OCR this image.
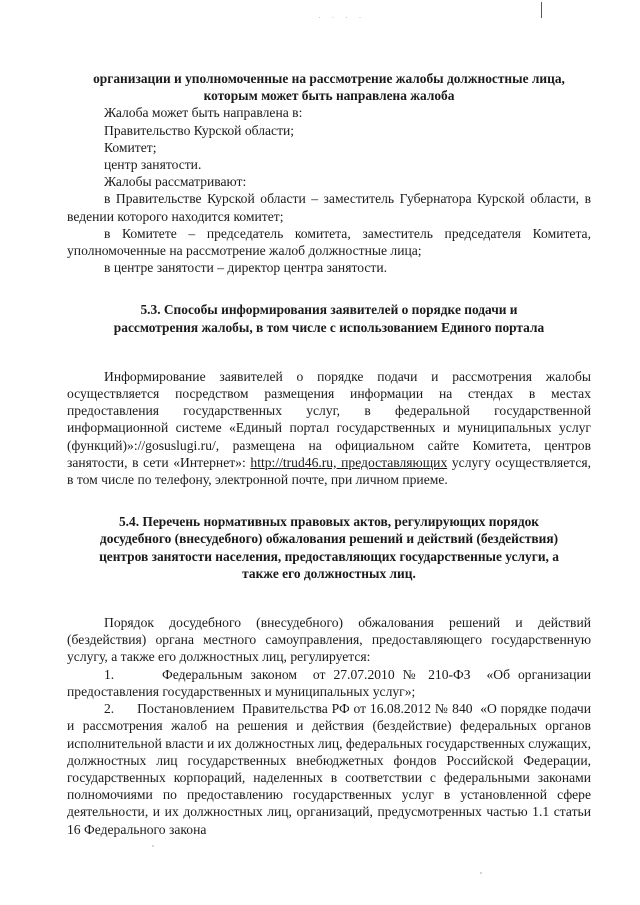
· · · ·

организации и уполномоченные на рассмотрение жалобы должностные лица,
которым может быть направлена жалоба

Жалоба может быть направлена в:

Правительство Курской области;

Комитет;

центр занятости.

Жалобы рассматривают:

в Правительстве Курской области – заместитель Губернатора Курской области, в ведении которого находится комитет;

в Комитете – председатель комитета, заместитель председателя Комитета, уполномоченные на рассмотрение жалоб должностные лица;

в центре занятости – директор центра занятости.

5.3. Способы информирования заявителей о порядке подачи и
рассмотрения жалобы, в том числе с использованием Единого портала

Информирование заявителей о порядке подачи и рассмотрения жалобы осуществляется посредством размещения информации на стендах в местах предоставления государственных услуг, в федеральной государственной информационной системе «Единый портал государственных и муниципальных услуг (функций)»://gosuslugi.ru/, размещена на официальном сайте Комитета, центров занятости, в сети «Интернет»: http://trud46.ru, предоставляющих услугу осуществляется, в том числе по телефону, электронной почте, при личном приеме.

5.4. Перечень нормативных правовых актов, регулирующих порядок
досудебного (внесудебного) обжалования решений и действий (бездействия)
центров занятости населения, предоставляющих государственные услуги, а
также его должностных лиц.

Порядок досудебного (внесудебного) обжалования решений и действий (бездействия) органа местного самоуправления, предоставляющего государственную услугу, а также его должностных лиц, регулируется:

1.      Федеральным законом  от 27.07.2010 № 210-ФЗ  «Об организации предоставления государственных и муниципальных услуг»;

2.      Постановлением  Правительства РФ от 16.08.2012 № 840  «О порядке подачи и рассмотрения жалоб на решения и действия (бездействие) федеральных органов исполнительной власти и их должностных лиц, федеральных государственных служащих, должностных лиц государственных внебюджетных фондов Российской Федерации, государственных корпораций, наделенных в соответствии с федеральными законами полномочиями по предоставлению государственных услуг в установленной сфере деятельности, и их должностных лиц, организаций, предусмотренных частью 1.1 статьи 16 Федерального закона
